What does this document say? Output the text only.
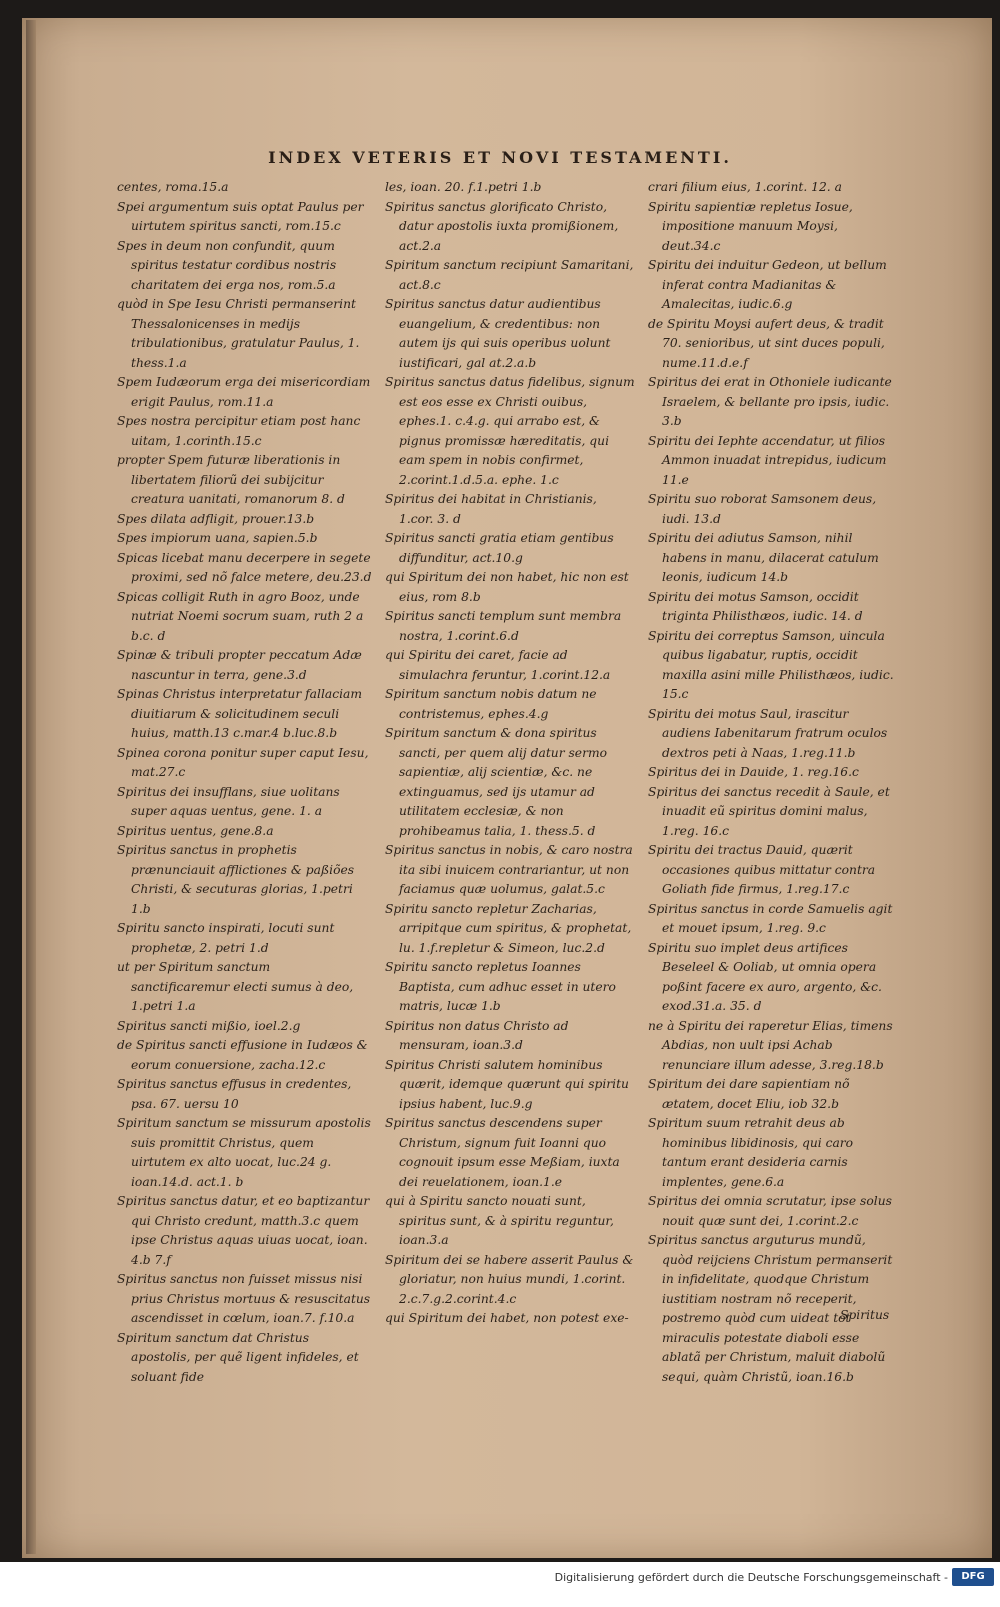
INDEX VETERIS ET NOVI TESTAMENTI.

centes, roma.15.a

Spei argumentum suis optat Paulus per uirtutem spiritus sancti, rom.15.c

Spes in deum non confundit, quum spiritus testatur cordibus nostris charitatem dei erga nos, rom.5.a

quòd in Spe Iesu Christi permanserint Thessalonicenses in medijs tribulationibus, gratulatur Paulus, 1. thess.1.a

Spem Iudæorum erga dei misericordiam erigit Paulus, rom.11.a

Spes nostra percipitur etiam post hanc uitam, 1.corinth.15.c

propter Spem futuræ liberationis in libertatem filiorũ dei subijcitur creatura uanitati, romanorum 8. d

Spes dilata adfligit, prouer.13.b

Spes impiorum uana, sapien.5.b

Spicas licebat manu decerpere in segete proximi, sed nõ falce metere, deu.23.d

Spicas colligit Ruth in agro Booz, unde nutriat Noemi socrum suam, ruth 2 a b.c. d

Spinæ & tribuli propter peccatum Adæ nascuntur in terra, gene.3.d

Spinas Christus interpretatur fallaciam diuitiarum & solicitudinem seculi huius, matth.13 c.mar.4 b.luc.8.b

Spinea corona ponitur super caput Iesu, mat.27.c

Spiritus dei insufflans, siue uolitans super aquas uentus, gene. 1. a

Spiritus uentus, gene.8.a

Spiritus sanctus in prophetis prænunciauit afflictiones & paßiões Christi, & secuturas glorias, 1.petri 1.b

Spiritu sancto inspirati, locuti sunt prophetæ, 2. petri 1.d

ut per Spiritum sanctum sanctificaremur electi sumus à deo, 1.petri 1.a

Spiritus sancti mißio, ioel.2.g

de Spiritus sancti effusione in Iudæos & eorum conuersione, zacha.12.c

Spiritus sanctus effusus in credentes, psa. 67. uersu 10

Spiritum sanctum se missurum apostolis suis promittit Christus, quem uirtutem ex alto uocat, luc.24 g. ioan.14.d. act.1. b

Spiritus sanctus datur, et eo baptizantur qui Christo credunt, matth.3.c quem ipse Christus aquas uiuas uocat, ioan. 4.b 7.f

Spiritus sanctus non fuisset missus nisi prius Christus mortuus & resuscitatus ascendisset in cœlum, ioan.7. f.10.a

Spiritum sanctum dat Christus apostolis, per quẽ ligent infideles, et soluant fide

les, ioan. 20. f.1.petri 1.b

Spiritus sanctus glorificato Christo, datur apostolis iuxta promißionem, act.2.a

Spiritum sanctum recipiunt Samaritani, act.8.c

Spiritus sanctus datur audientibus euangelium, & credentibus: non autem ijs qui suis operibus uolunt iustificari, gal at.2.a.b

Spiritus sanctus datus fidelibus, signum est eos esse ex Christi ouibus, ephes.1. c.4.g. qui arrabo est, & pignus promissæ hæreditatis, qui eam spem in nobis confirmet, 2.corint.1.d.5.a. ephe. 1.c

Spiritus dei habitat in Christianis, 1.cor. 3. d

Spiritus sancti gratia etiam gentibus diffunditur, act.10.g

qui Spiritum dei non habet, hic non est eius, rom 8.b

Spiritus sancti templum sunt membra nostra, 1.corint.6.d

qui Spiritu dei caret, facie ad simulachra feruntur, 1.corint.12.a

Spiritum sanctum nobis datum ne contristemus, ephes.4.g

Spiritum sanctum & dona spiritus sancti, per quem alij datur sermo sapientiæ, alij scientiæ, &c. ne extinguamus, sed ijs utamur ad utilitatem ecclesiæ, & non prohibeamus talia, 1. thess.5. d

Spiritus sanctus in nobis, & caro nostra ita sibi inuicem contrariantur, ut non faciamus quæ uolumus, galat.5.c

Spiritu sancto repletur Zacharias, arripitque cum spiritus, & prophetat, lu. 1.f.repletur & Simeon, luc.2.d

Spiritu sancto repletus Ioannes Baptista, cum adhuc esset in utero matris, lucæ 1.b

Spiritus non datus Christo ad mensuram, ioan.3.d

Spiritus Christi salutem hominibus quærit, idemque quærunt qui spiritu ipsius habent, luc.9.g

Spiritus sanctus descendens super Christum, signum fuit Ioanni quo cognouit ipsum esse Meßiam, iuxta dei reuelationem, ioan.1.e

qui à Spiritu sancto nouati sunt, spiritus sunt, & à spiritu reguntur, ioan.3.a

Spiritum dei se habere asserit Paulus & gloriatur, non huius mundi, 1.corint. 2.c.7.g.2.corint.4.c

qui Spiritum dei habet, non potest exe-

crari filium eius, 1.corint. 12. a

Spiritu sapientiæ repletus Iosue, impositione manuum Moysi, deut.34.c

Spiritu dei induitur Gedeon, ut bellum inferat contra Madianitas & Amalecitas, iudic.6.g

de Spiritu Moysi aufert deus, & tradit 70. senioribus, ut sint duces populi, nume.11.d.e.f

Spiritus dei erat in Othoniele iudicante Israelem, & bellante pro ipsis, iudic. 3.b

Spiritu dei Iephte accendatur, ut filios Ammon inuadat intrepidus, iudicum 11.e

Spiritu suo roborat Samsonem deus, iudi. 13.d

Spiritu dei adiutus Samson, nihil habens in manu, dilacerat catulum leonis, iudicum 14.b

Spiritu dei motus Samson, occidit triginta Philisthæos, iudic. 14. d

Spiritu dei correptus Samson, uincula quibus ligabatur, ruptis, occidit maxilla asini mille Philisthæos, iudic. 15.c

Spiritu dei motus Saul, irascitur audiens Iabenitarum fratrum oculos dextros peti à Naas, 1.reg.11.b

Spiritus dei in Dauide, 1. reg.16.c

Spiritus dei sanctus recedit à Saule, et inuadit eũ spiritus domini malus, 1.reg. 16.c

Spiritu dei tractus Dauid, quærit occasiones quibus mittatur contra Goliath fide firmus, 1.reg.17.c

Spiritus sanctus in corde Samuelis agit et mouet ipsum, 1.reg. 9.c

Spiritu suo implet deus artifices Beseleel & Ooliab, ut omnia opera poßint facere ex auro, argento, &c. exod.31.a. 35. d

ne à Spiritu dei raperetur Elias, timens Abdias, non uult ipsi Achab renunciare illum adesse, 3.reg.18.b

Spiritum dei dare sapientiam nõ ætatem, docet Eliu, iob 32.b

Spiritum suum retrahit deus ab hominibus libidinosis, qui caro tantum erant desideria carnis implentes, gene.6.a

Spiritus dei omnia scrutatur, ipse solus nouit quæ sunt dei, 1.corint.2.c

Spiritus sanctus arguturus mundũ, quòd reijciens Christum permanserit in infidelitate, quodque Christum iustitiam nostram nõ receperit, postremo quòd cum uideat tot miraculis potestate diaboli esse ablatã per Christum, maluit diabolũ sequi, quàm Christũ, ioan.16.b

Spiritus
Digitalisierung gefördert durch die Deutsche Forschungsgemeinschaft -	DFG
